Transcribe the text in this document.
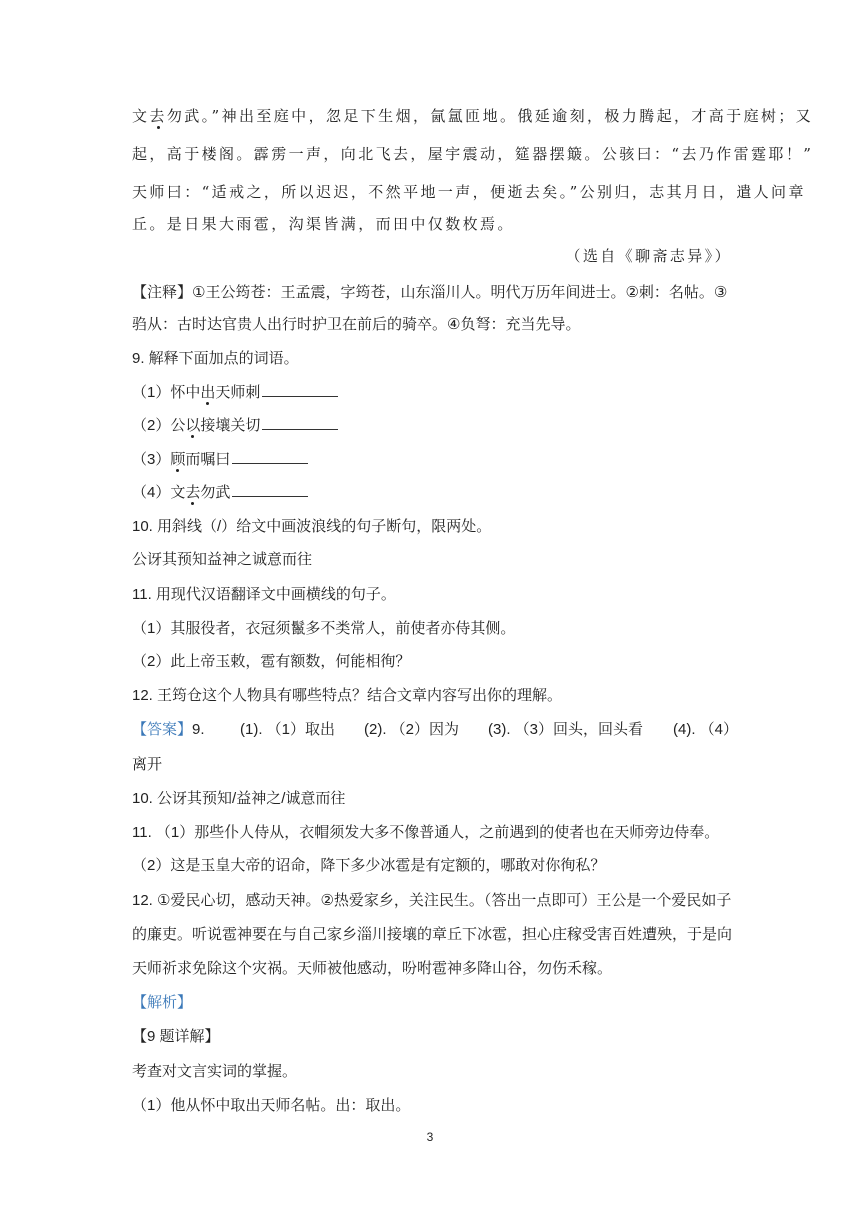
文去勿武。”神出至庭中，忽足下生烟，氤氲匝地。俄延逾刻，极力腾起，才高于庭树；又
起，高于楼阁。霹雳一声，向北飞去，屋宇震动，筵器摆簸。公骇曰：“去乃作雷霆耶！”
天师曰：“适戒之，所以迟迟，不然平地一声，便逝去矣。”公别归，志其月日，遣人问章
丘。是日果大雨雹，沟渠皆满，而田中仅数枚焉。
（选自《聊斋志异》）
【注释】①王公筠苍：王孟震，字筠苍，山东淄川人。明代万历年间进士。②刺：名帖。③
驺从：古时达官贵人出行时护卫在前后的骑卒。④负弩：充当先导。
9. 解释下面加点的词语。
（1）怀中出天师刺
（2）公以接壤关切
（3）顾而嘱曰
（4）文去勿武
10. 用斜线（/）给文中画波浪线的句子断句，限两处。
公讶其预知益神之诚意而往
11. 用现代汉语翻译文中画横线的句子。
（1）其服役者，衣冠须鬣多不类常人，前使者亦侍其侧。
（2）此上帝玉敕，雹有额数，何能相徇？
12. 王筠仓这个人物具有哪些特点？结合文章内容写出你的理解。
【答案】9. (1). （1）取出 (2). （2）因为 (3). （3）回头，回头看 (4). （4）
离开
10. 公讶其预知/益神之/诚意而往
11. （1）那些仆人侍从，衣帽须发大多不像普通人，之前遇到的使者也在天师旁边侍奉。
（2）这是玉皇大帝的诏命，降下多少冰雹是有定额的，哪敢对你徇私？
12. ①爱民心切，感动天神。②热爱家乡，关注民生。（答出一点即可）王公是一个爱民如子
的廉吏。听说雹神要在与自己家乡淄川接壤的章丘下冰雹，担心庄稼受害百姓遭殃，于是向
天师祈求免除这个灾祸。天师被他感动，吩咐雹神多降山谷，勿伤禾稼。
【解析】
【9 题详解】
考查对文言实词的掌握。
（1）他从怀中取出天师名帖。出：取出。
3
